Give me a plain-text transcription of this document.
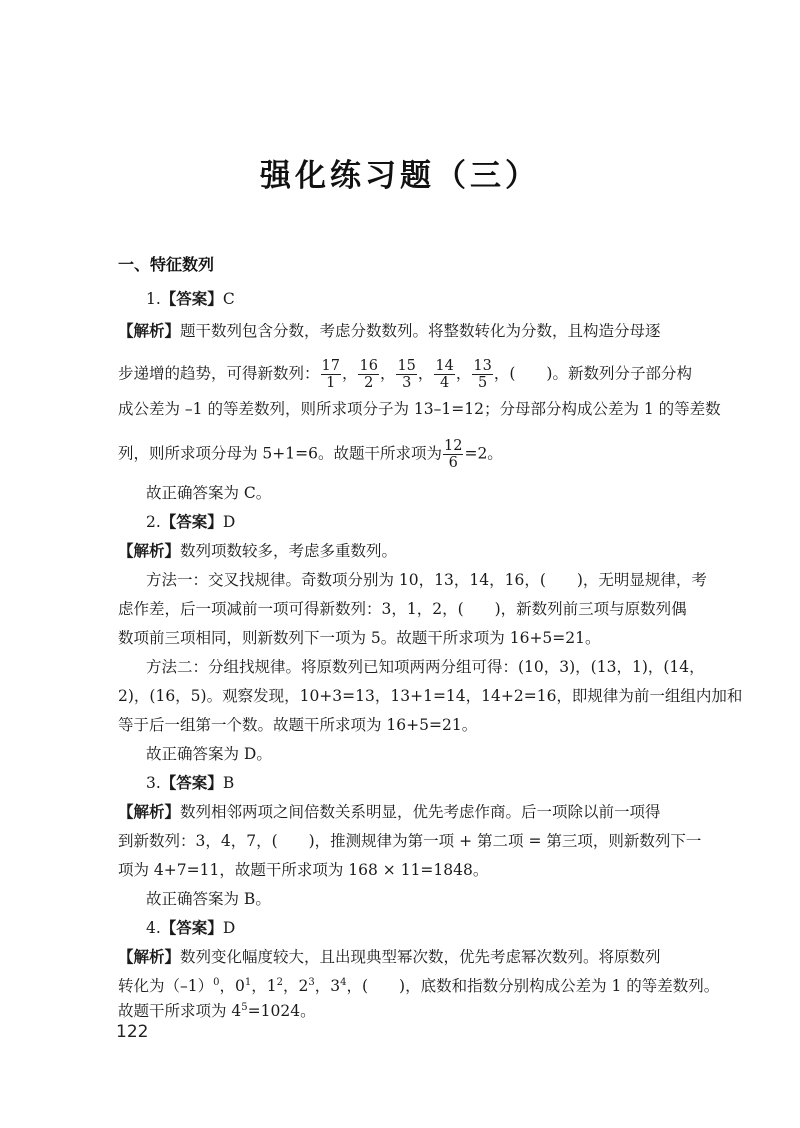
强化练习题（三）
一、特征数列
1.【答案】C
【解析】题干数列包含分数，考虑分数数列。将整数转化为分数，且构造分母逐
步递增的趋势，可得新数列： $\frac{17}{1}$ ， $\frac{16}{2}$ ， $\frac{15}{3}$ ， $\frac{14}{4}$ ， $\frac{13}{5}$ ，(　　)。新数列分子部分构
成公差为 –1 的等差数列，则所求项分子为 13–1=12；分母部分构成公差为 1 的等差数
列，则所求项分母为 5+1=6。故题干所求项为 $\frac{12}{6} =2$。
故正确答案为 C。
2.【答案】D
【解析】数列项数较多，考虑多重数列。
方法一：交叉找规律。奇数项分别为 10，13，14，16，(　　)，无明显规律，考
虑作差，后一项减前一项可得新数列：3，1，2，(　　)，新数列前三项与原数列偶
数项前三项相同，则新数列下一项为 5。故题干所求项为 16+5=21。
方法二：分组找规律。将原数列已知项两两分组可得：(10，3)，(13，1)，(14，
2)，(16，5)。观察发现，10+3=13，13+1=14，14+2=16，即规律为前一组组内加和
等于后一组第一个数。故题干所求项为 16+5=21。
故正确答案为 D。
3.【答案】B
【解析】数列相邻两项之间倍数关系明显，优先考虑作商。后一项除以前一项得
到新数列：3，4，7，(　　)，推测规律为第一项 + 第二项 = 第三项，则新数列下一
项为 4+7=11，故题干所求项为 168 × 11=1848。
故正确答案为 B。
4.【答案】D
【解析】数列变化幅度较大，且出现典型幂次数，优先考虑幂次数列。将原数列
转化为$(-1)^0$，$0^1$，$1^2$，$2^3$，$3^4$，(　　)，底数和指数分别构成公差为 1 的等差数列。
故题干所求项为 $4^5=1024$。
122
